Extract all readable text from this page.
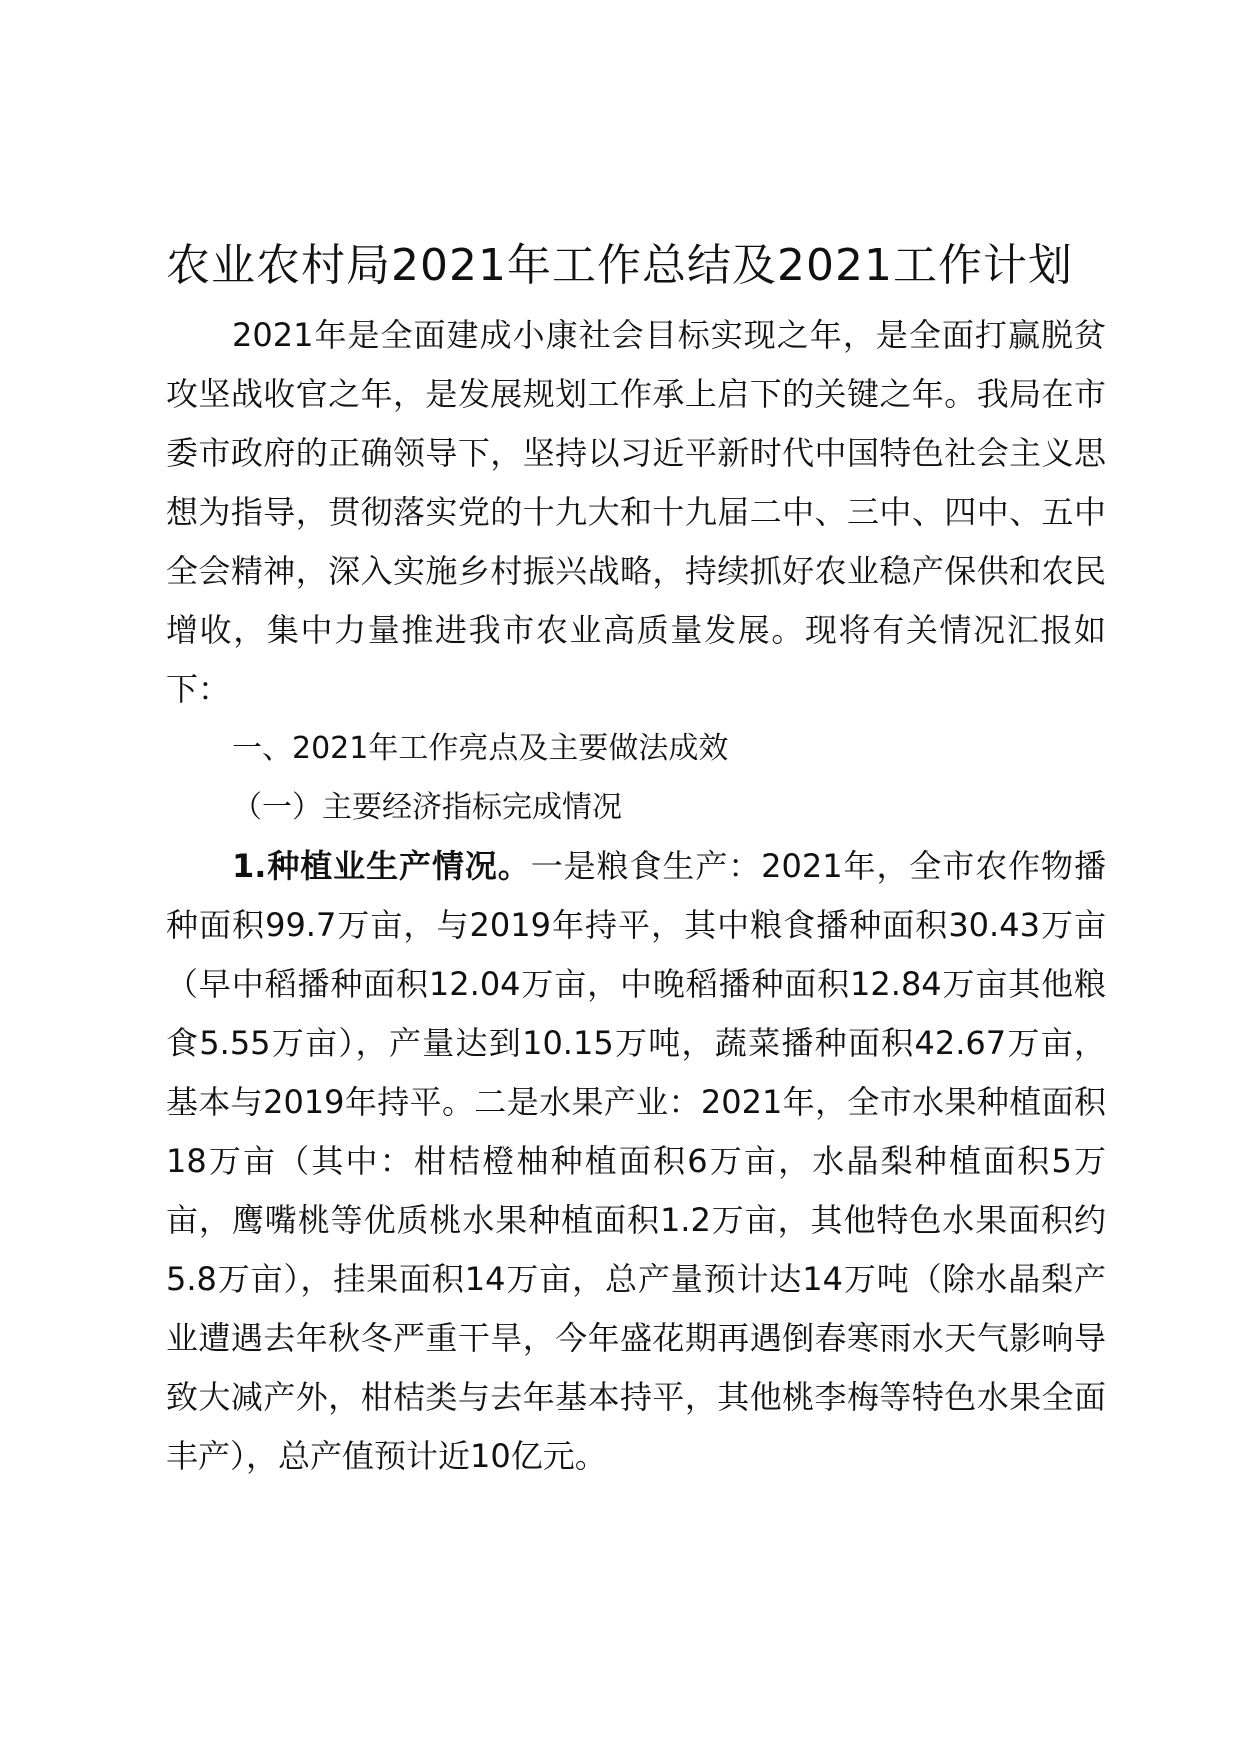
农业农村局2021年工作总结及2021工作计划

2021年是全面建成小康社会目标实现之年，是全面打赢脱贫攻坚战收官之年，是发展规划工作承上启下的关键之年。我局在市委市政府的正确领导下，坚持以习近平新时代中国特色社会主义思想为指导，贯彻落实党的十九大和十九届二中、三中、四中、五中全会精神，深入实施乡村振兴战略，持续抓好农业稳产保供和农民增收，集中力量推进我市农业高质量发展。现将有关情况汇报如下：

一、2021年工作亮点及主要做法成效

（一）主要经济指标完成情况

1.种植业生产情况。一是粮食生产：2021年，全市农作物播种面积99.7万亩，与2019年持平，其中粮食播种面积30.43万亩（早中稻播种面积12.04万亩，中晚稻播种面积12.84万亩其他粮食5.55万亩），产量达到10.15万吨，蔬菜播种面积42.67万亩，基本与2019年持平。二是水果产业：2021年，全市水果种植面积18万亩（其中：柑桔橙柚种植面积6万亩，水晶梨种植面积5万亩，鹰嘴桃等优质桃水果种植面积1.2万亩，其他特色水果面积约5.8万亩），挂果面积14万亩，总产量预计达14万吨（除水晶梨产业遭遇去年秋冬严重干旱，今年盛花期再遇倒春寒雨水天气影响导致大减产外，柑桔类与去年基本持平，其他桃李梅等特色水果全面丰产），总产值预计近10亿元。
